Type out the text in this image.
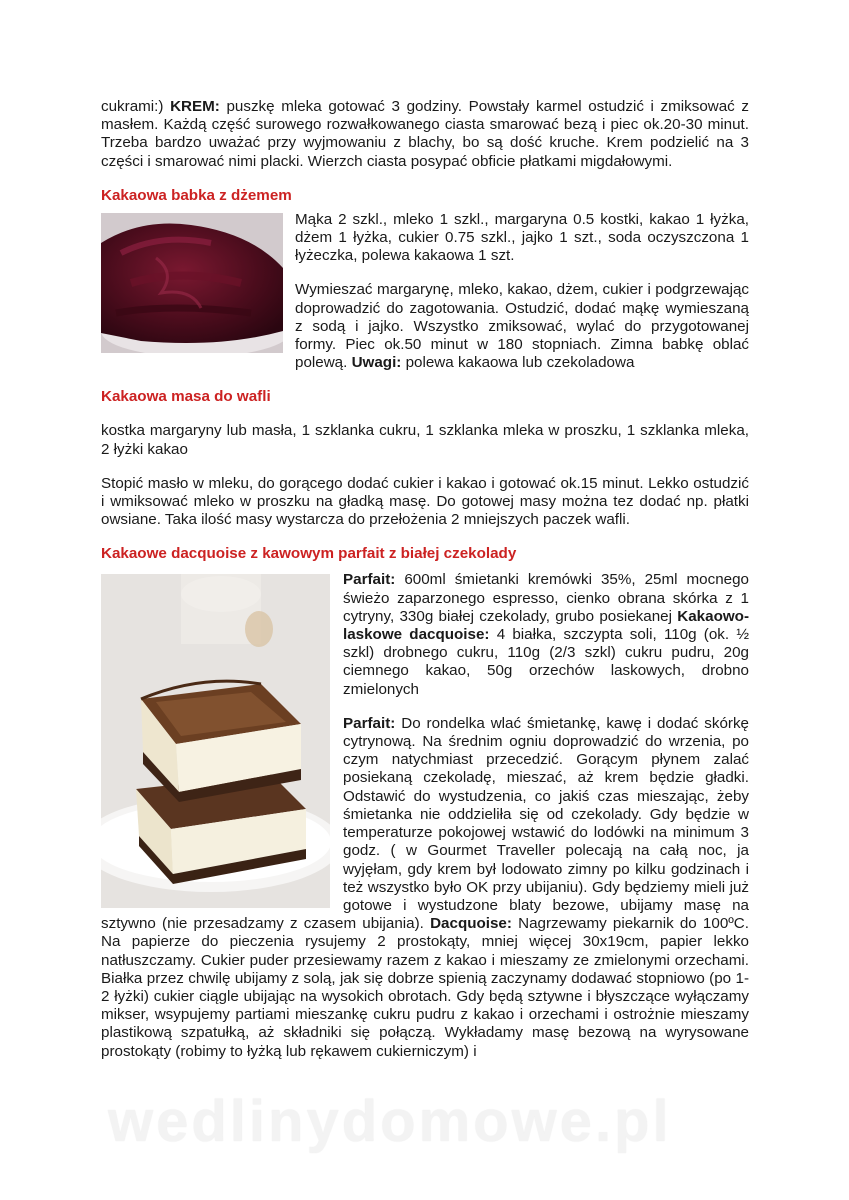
cukrami:) KREM: puszkę mleka gotować 3 godziny. Powstały karmel ostudzić i zmiksować z masłem. Każdą część surowego rozwałkowanego ciasta smarować bezą i piec ok.20-30 minut. Trzeba bardzo uważać przy wyjmowaniu z blachy, bo są dość kruche. Krem podzielić na 3 części i smarować nimi placki. Wierzch ciasta posypać obficie płatkami migdałowymi.

Kakaowa babka z dżemem

Mąka 2 szkl., mleko 1 szkl., margaryna 0.5 kostki, kakao 1 łyżka, dżem 1 łyżka, cukier 0.75 szkl., jajko 1 szt., soda oczyszczona 1 łyżeczka, polewa kakaowa 1 szt.

Wymieszać margarynę, mleko, kakao, dżem, cukier i podgrzewając doprowadzić do zagotowania. Ostudzić, dodać mąkę wymieszaną z sodą i jajko. Wszystko zmiksować, wylać do przygotowanej formy. Piec ok.50 minut w 180 stopniach. Zimna babkę oblać polewą. Uwagi: polewa kakaowa lub czekoladowa

Kakaowa masa do wafli

kostka margaryny lub masła, 1 szklanka cukru, 1 szklanka mleka w proszku, 1 szklanka mleka, 2 łyżki kakao

Stopić masło w mleku, do gorącego dodać cukier i kakao i gotować ok.15 minut. Lekko ostudzić i wmiksować mleko w proszku na gładką masę. Do gotowej masy można tez dodać np. płatki owsiane. Taka ilość masy wystarcza do przełożenia 2 mniejszych paczek wafli.

Kakaowe dacquoise z kawowym parfait z białej czekolady

Parfait: 600ml śmietanki kremówki 35%, 25ml mocnego świeżo zaparzonego espresso, cienko obrana skórka z 1 cytryny, 330g białej czekolady, grubo posiekanej Kakaowo-laskowe dacquoise: 4 białka, szczypta soli, 110g (ok. ½ szkl) drobnego cukru, 110g (2/3 szkl) cukru pudru, 20g ciemnego kakao, 50g orzechów laskowych, drobno zmielonych

Parfait: Do rondelka wlać śmietankę, kawę i dodać skórkę cytrynową. Na średnim ogniu doprowadzić do wrzenia, po czym natychmiast przecedzić. Gorącym płynem zalać posiekaną czekoladę, mieszać, aż krem będzie gładki. Odstawić do wystudzenia, co jakiś czas mieszając, żeby śmietanka nie oddzieliła się od czekolady. Gdy będzie w temperaturze pokojowej wstawić do lodówki na minimum 3 godz. ( w Gourmet Traveller polecają na całą noc, ja wyjęłam, gdy krem był lodowato zimny po kilku godzinach i też wszystko było OK przy ubijaniu). Gdy będziemy mieli już gotowe i wystudzone blaty bezowe, ubijamy masę na sztywno (nie przesadzamy z czasem ubijania). Dacquoise: Nagrzewamy piekarnik do 100ºC. Na papierze do pieczenia rysujemy 2 prostokąty, mniej więcej 30x19cm, papier lekko natłuszczamy. Cukier puder przesiewamy razem z kakao i mieszamy ze zmielonymi orzechami. Białka przez chwilę ubijamy z solą, jak się dobrze spienią zaczynamy dodawać stopniowo (po 1-2 łyżki) cukier ciągle ubijając na wysokich obrotach. Gdy będą sztywne i błyszczące wyłączamy mikser, wsypujemy partiami mieszankę cukru pudru z kakao i orzechami i ostrożnie mieszamy plastikową szpatułką, aż składniki się połączą. Wykładamy masę bezową na wyrysowane prostokąty (robimy to łyżką lub rękawem cukierniczym) i

wedlinydomowe.pl
